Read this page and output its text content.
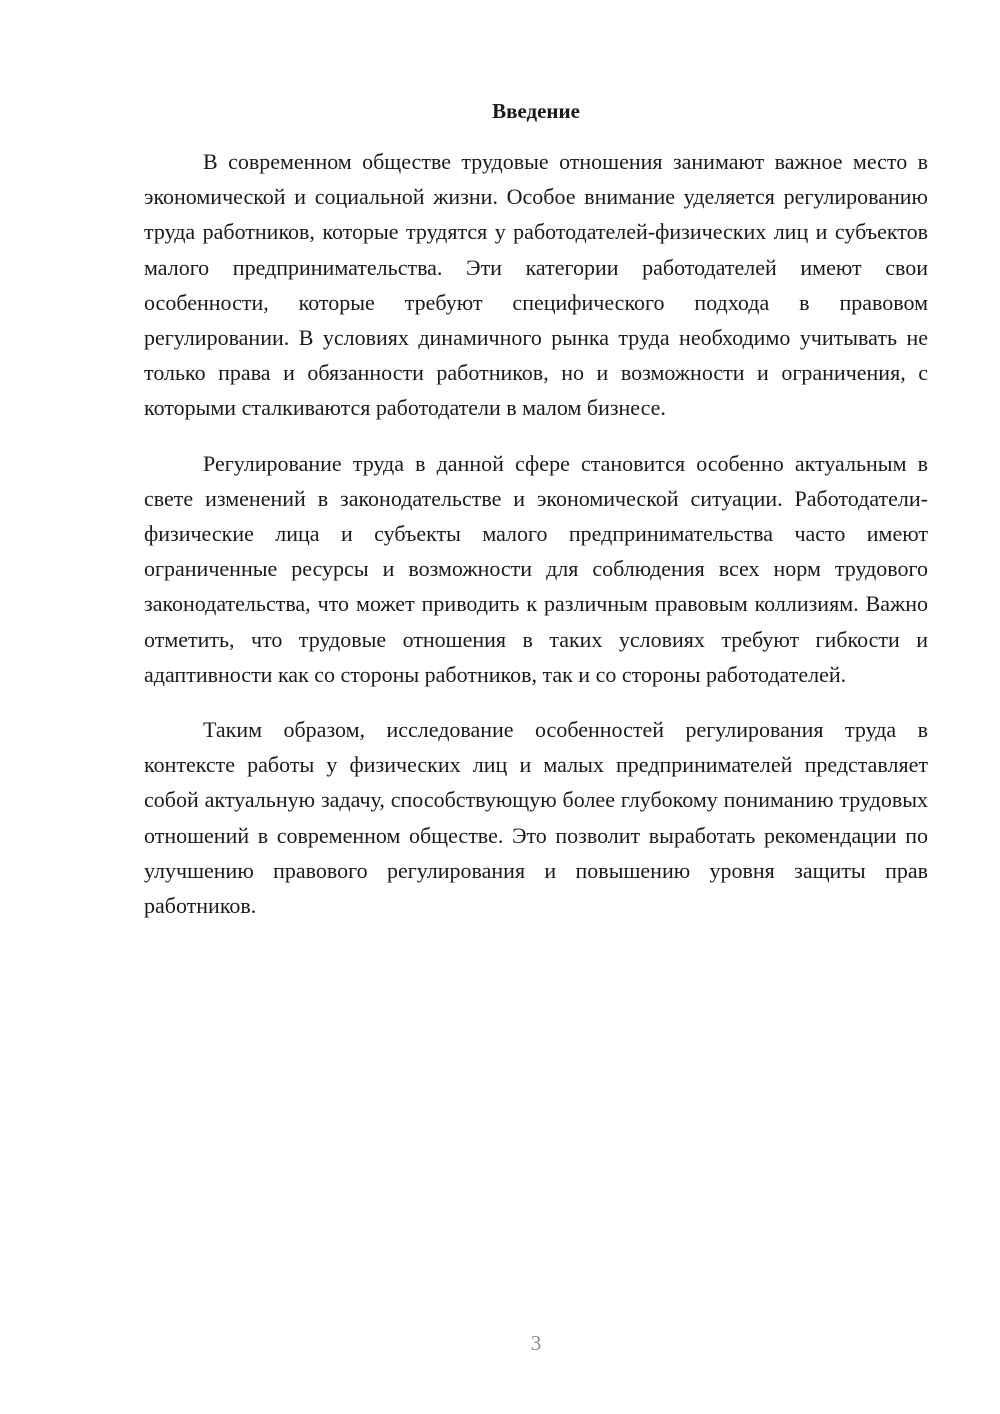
Введение

В современном обществе трудовые отношения занимают важное место в экономической и социальной жизни. Особое внимание уделяется регулированию труда работников, которые трудятся у работодателей-физических лиц и субъектов малого предпринимательства. Эти категории работодателей имеют свои особенности, которые требуют специфического подхода в правовом регулировании. В условиях динамичного рынка труда необходимо учитывать не только права и обязанности работников, но и возможности и ограничения, с которыми сталкиваются работодатели в малом бизнесе.

Регулирование труда в данной сфере становится особенно актуальным в свете изменений в законодательстве и экономической ситуации. Работодатели-физические лица и субъекты малого предпринимательства часто имеют ограниченные ресурсы и возможности для соблюдения всех норм трудового законодательства, что может приводить к различным правовым коллизиям. Важно отметить, что трудовые отношения в таких условиях требуют гибкости и адаптивности как со стороны работников, так и со стороны работодателей.

Таким образом, исследование особенностей регулирования труда в контексте работы у физических лиц и малых предпринимателей представляет собой актуальную задачу, способствующую более глубокому пониманию трудовых отношений в современном обществе. Это позволит выработать рекомендации по улучшению правового регулирования и повышению уровня защиты прав работников.

3
